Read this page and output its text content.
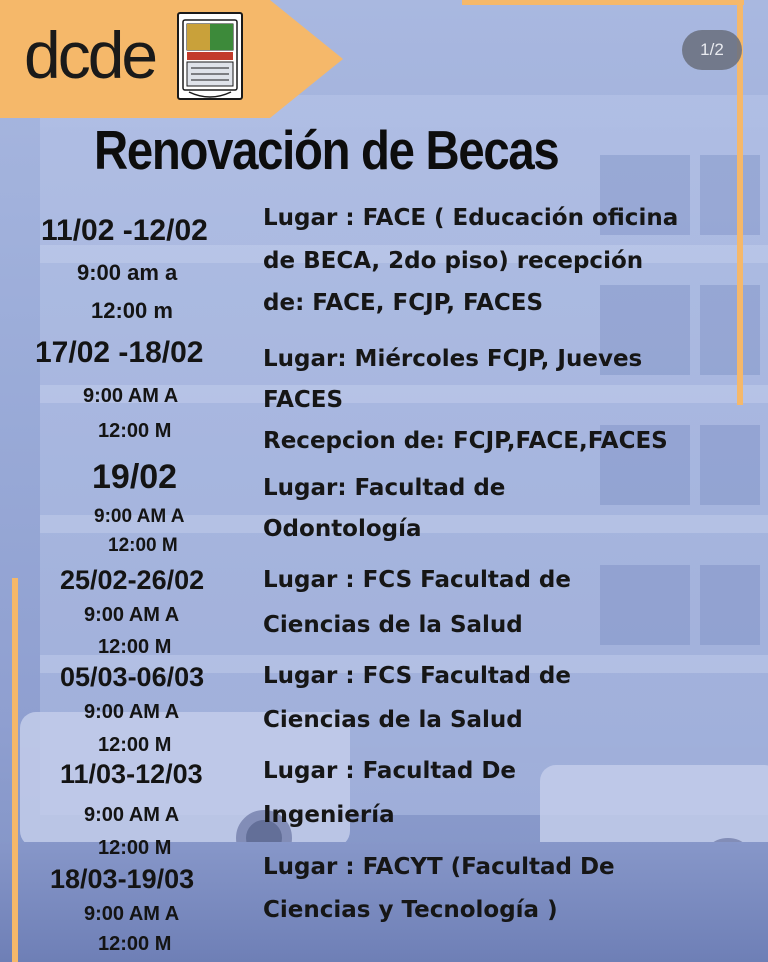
dcde	1/2
Renovación de Becas
11/02 -12/02
9:00 am a
12:00 m
Lugar : FACE ( Educación oficina
de BECA, 2do piso) recepción
de: FACE, FCJP, FACES
17/02 -18/02
9:00 AM A
12:00 M
Lugar: Miércoles FCJP, Jueves
FACES
Recepcion de: FCJP,FACE,FACES
19/02
9:00 AM A
12:00 M
Lugar: Facultad de
Odontología
25/02-26/02
9:00 AM A
12:00 M
Lugar : FCS Facultad de
Ciencias de la Salud
05/03-06/03
9:00 AM A
12:00 M
Lugar : FCS Facultad de
Ciencias de la Salud
11/03-12/03
9:00 AM A
12:00 M
Lugar : Facultad De
Ingeniería
18/03-19/03
9:00 AM A
12:00 M
Lugar : FACYT (Facultad De
Ciencias y Tecnología )
